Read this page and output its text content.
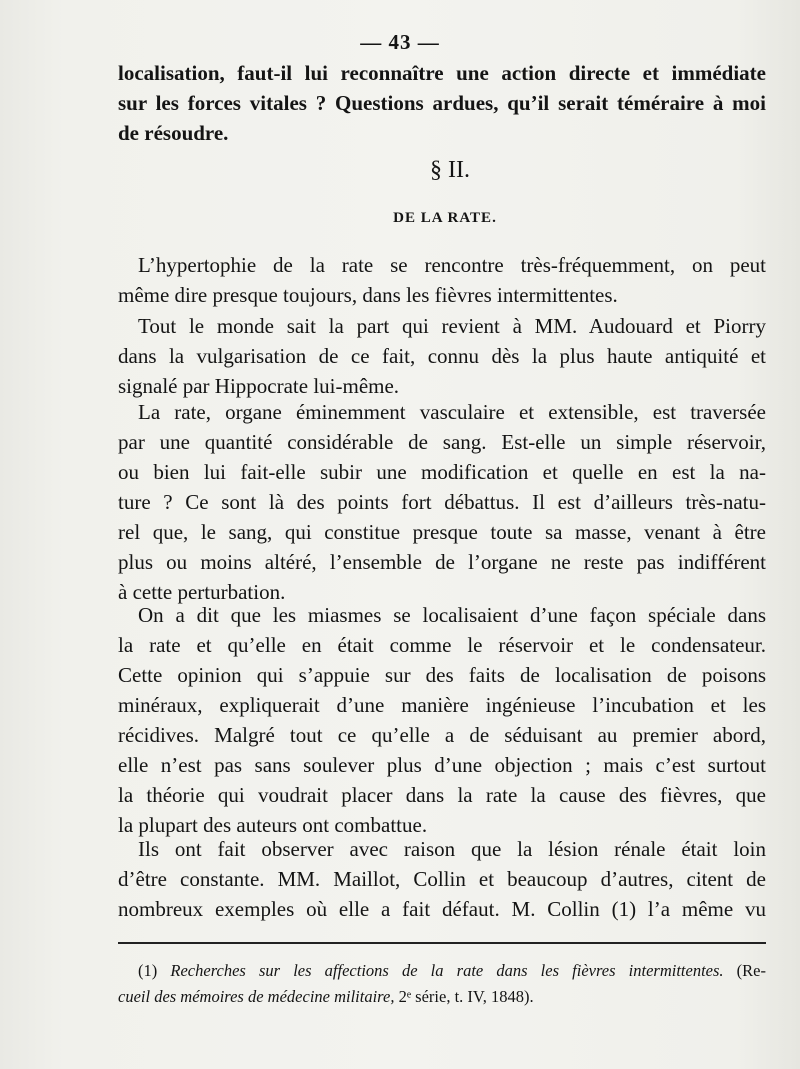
— 43 —
localisation, faut-il lui reconnaître une action directe et immédiate
sur les forces vitales ? Questions ardues, qu’il serait téméraire à moi
de résoudre.
§ II.
DE LA RATE.
L’hypertophie de la rate se rencontre très-fréquemment, on peut
même dire presque toujours, dans les fièvres intermittentes.
Tout le monde sait la part qui revient à MM. Audouard et Piorry
dans la vulgarisation de ce fait, connu dès la plus haute antiquité et
signalé par Hippocrate lui-même.
La rate, organe éminemment vasculaire et extensible, est traversée
par une quantité considérable de sang. Est-elle un simple réservoir,
ou bien lui fait-elle subir une modification et quelle en est la na-
ture ? Ce sont là des points fort débattus. Il est d’ailleurs très-natu-
rel que, le sang, qui constitue presque toute sa masse, venant à être
plus ou moins altéré, l’ensemble de l’organe ne reste pas indifférent
à cette perturbation.
On a dit que les miasmes se localisaient d’une façon spéciale dans
la rate et qu’elle en était comme le réservoir et le condensateur.
Cette opinion qui s’appuie sur des faits de localisation de poisons
minéraux, expliquerait d’une manière ingénieuse l’incubation et les
récidives. Malgré tout ce qu’elle a de séduisant au premier abord,
elle n’est pas sans soulever plus d’une objection ; mais c’est surtout
la théorie qui voudrait placer dans la rate la cause des fièvres, que
la plupart des auteurs ont combattue.
Ils ont fait observer avec raison que la lésion rénale était loin
d’être constante. MM. Maillot, Collin et beaucoup d’autres, citent de
nombreux exemples où elle a fait défaut. M. Collin (1) l’a même vu
(1) Recherches sur les affections de la rate dans les fièvres intermittentes. (Re-
cueil des mémoires de médecine militaire, 2ᵉ série, t. IV, 1848).
